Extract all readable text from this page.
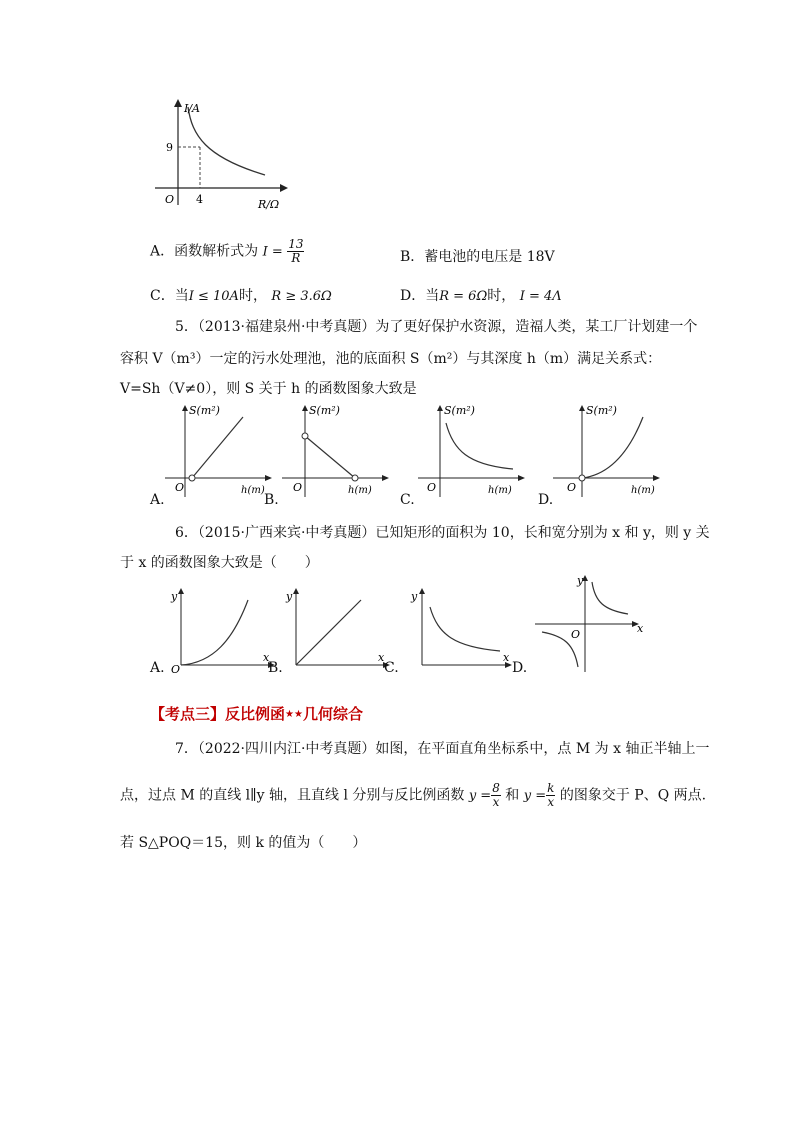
I/A
9
O 4	R/Ω
A．函数解析式为 $I = \frac{13}{R}$	B．蓄电池的电压是 18V
C．当I ≤ 10A时， R ≥ 3.6Ω	D．当R = 6Ω时， I = 4Λ
5．（2013·福建泉州·中考真题）为了更好保护水资源，造福人类，某工厂计划建一个
容积 V（m³）一定的污水处理池，池的底面积 S（m²）与其深度 h（m）满足关系式：
V=Sh（V≠0），则 S 关于 h 的函数图象大致是
S(m²)
O	h(m)
A.
S(m²)
O	h(m)
B.
S(m²)
O	h(m)
C.
S(m²)
O	h(m)
D.
6．（2015·广西来宾·中考真题）已知矩形的面积为 10，长和宽分别为 x 和 y，则 y 关
于 x 的函数图象大致是（　　）
y
O
x
A.
y
x
B.
y
x
C.
y
O	x
D.
【考点三】反比例函★★几何综合
7．（2022·四川内江·中考真题）如图，在平面直角坐标系中，点 M 为 x 轴正半轴上一
点，过点 M 的直线 l∥y 轴，且直线 l 分别与反比例函数 $y = \frac{8}{x}$ 和 $y = \frac{k}{x}$ 的图象交于 P、Q 两点.
若 S△POQ＝15，则 k 的值为（　　）
